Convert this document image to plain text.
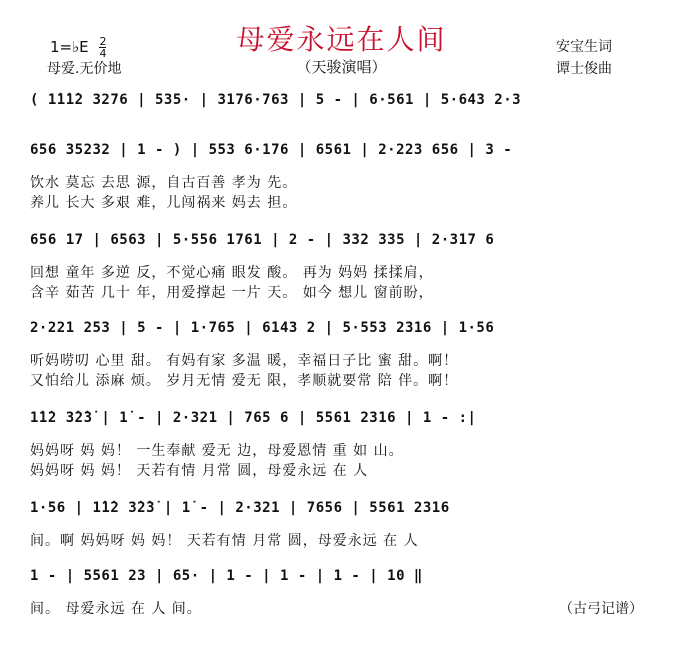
母爱永远在人间
（天骏演唱）
安宝生词
谭士俊曲
1=♭E $\frac{2}{4}$
母爱.无价地
( 1̇1̇1̇2 3276 | 535· | 3176·763 | 5 - | 6·561 | 5·643 2·3
656 35232 | 1 - ) | 553 6·176 | 6561 | 2·223 656 | 3 -
饮水 莫忘 去思 源，自古百善 孝为 先。
养儿 长大 多艰 难，儿闯祸来 妈去 担。
656 17 | 6563 | 5·556 1761 | 2 - | 332 335 | 2·317 6
回想 童年 多逆 反，不觉心痛 眼发 酸。 再为 妈妈 揉揉肩，
含辛 茹苦 几十 年，用爱撑起 一片 天。 如今 想儿 窗前盼，
2·221 253 | 5 - | 1·765 | 6143 2 | 5·553 2316 | 1·56
听妈唠叨 心里 甜。 有妈有家 多温 暖，幸福日子比 蜜 甜。啊！
又怕给儿 添麻 烦。 岁月无情 爱无 限，孝顺就要常 陪 伴。啊！
1̇1̇2 3̇2̇3̇ | 1̇ - | 2·321 | 765 6 | 5561 2316 | 1 - :|
妈妈呀 妈 妈！ 一生奉献 爱无 边，母爱恩情 重 如 山。
妈妈呀 妈 妈！ 天若有情 月常 圆，母爱永远 在 人
1·56 | 1̇1̇2 3̇2̇3̇ | 1̇ - | 2·321 | 7656 | 5561 2316
间。啊 妈妈呀 妈 妈！ 天若有情 月常 圆，母爱永远 在 人
1 - | 5561 23 | 65· | 1 - | 1 - | 1 - | 10 ‖
间。 母爱永远 在 人 间。	（古弓记谱）
